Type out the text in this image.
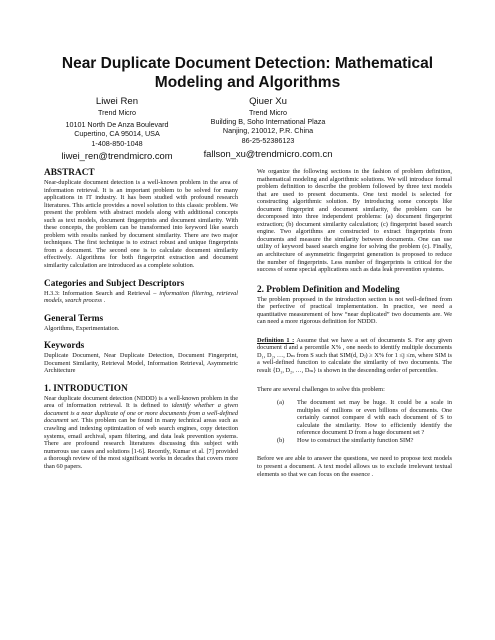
Near Duplicate Document Detection: Mathematical
Modeling and Algorithms
Liwei Ren
Trend Micro
10101 North De Anza Boulevard
Cupertino, CA 95014, USA
1-408-850-1048
liwei_ren@trendmicro.com
Qiuer Xu
Trend Micro
Building B, Soho International Plaza
Nanjing, 210012, P.R. China
86-25-52386123
fallson_xu@trendmicro.com.cn
ABSTRACT

Near-duplicate document detection is a well-known problem in the area of information retrieval. It is an important problem to be solved for many applications in IT industry. It has been studied with profound research literatures. This article provides a novel solution to this classic problem. We present the problem with abstract models along with additional concepts such as text models, document fingerprints and document similarity. With these concepts, the problem can be transformed into keyword like search problem with results ranked by document similarity. There are two major techniques. The first technique is to extract robust and unique fingerprints from a document. The second one is to calculate document similarity effectively. Algorithms for both fingerprint extraction and document similarity calculation are introduced as a complete solution.

Categories and Subject Descriptors

H.3.3: Information Search and Retrieval – information filtering, retrieval models, search process .

General Terms

Algorithms, Experimentation.

Keywords

Duplicate Document, Near Duplicate Detection, Document Fingerprint, Document Similarity, Retrieval Model, Information Retrieval, Asymmetric Architecture

1. INTRODUCTION

Near duplicate document detection (NDDD) is a well-known problem in the area of information retrieval. It is defined to identify whether a given document is a near duplicate of one or more documents from a well-defined document set. This problem can be found in many technical areas such as crawling and indexing optimization of web search engines, copy detection systems, email archival, spam filtering, and data leak prevention systems. There are profound research literatures discussing this subject with numerous use cases and solutions [1-6]. Recently, Kumar et al. [7] provided a thorough review of the most significant works in decades that covers more than 60 papers.

We organize the following sections in the fashion of problem definition, mathematical modeling and algorithmic solutions. We will introduce formal problem definition to describe the problem followed by three text models that are used to present documents. One text model is selected for constructing algorithmic solution. By introducing some concepts like document fingerprint and document similarity, the problem can be decomposed into three independent problems: (a) document fingerprint extraction; (b) document similarity calculation; (c) fingerprint based search engine. Two algorithms are constructed to extract fingerprints from documents and measure the similarity between documents. One can use utility of keyword based search engine for solving the problem (c). Finally, an architecture of asymmetric fingerprint generation is proposed to reduce the number of fingerprints. Less number of fingerprints is critical for the success of some special applications such as data leak prevention systems.

2. Problem Definition and Modeling

The problem proposed in the introduction section is not well-defined from the perfective of practical implementation. In practice, we need a quantitative measurement of how “near duplicated” two documents are. We can need a more rigorous definition for NDDD.

Definition 1 : Assume that we have a set of documents S. For any given document d and a percentile X% , one needs to identify multiple documents D₁, D₂, …, Dₘ from S such that SIM(d, Dⱼ) ≥ X% for 1 ≤j ≤m, where SIM is a well-defined function to calculate the similarity of two documents. The result {D₁, D₂, …, Dₘ} is shown in the descending order of percentiles.

There are several challenges to solve this problem:

(a) The document set may be huge. It could be a scale in multiples of millions or even billions of documents. One certainly cannot compare d with each document of S to calculate the similarity. How to efficiently identify the reference document D from a huge document set ?
(b) How to construct the similarity function SIM?

Before we are able to answer the questions, we need to propose text models to present a document. A text model allows us to exclude irrelevant textual elements so that we can focus on the essence .
